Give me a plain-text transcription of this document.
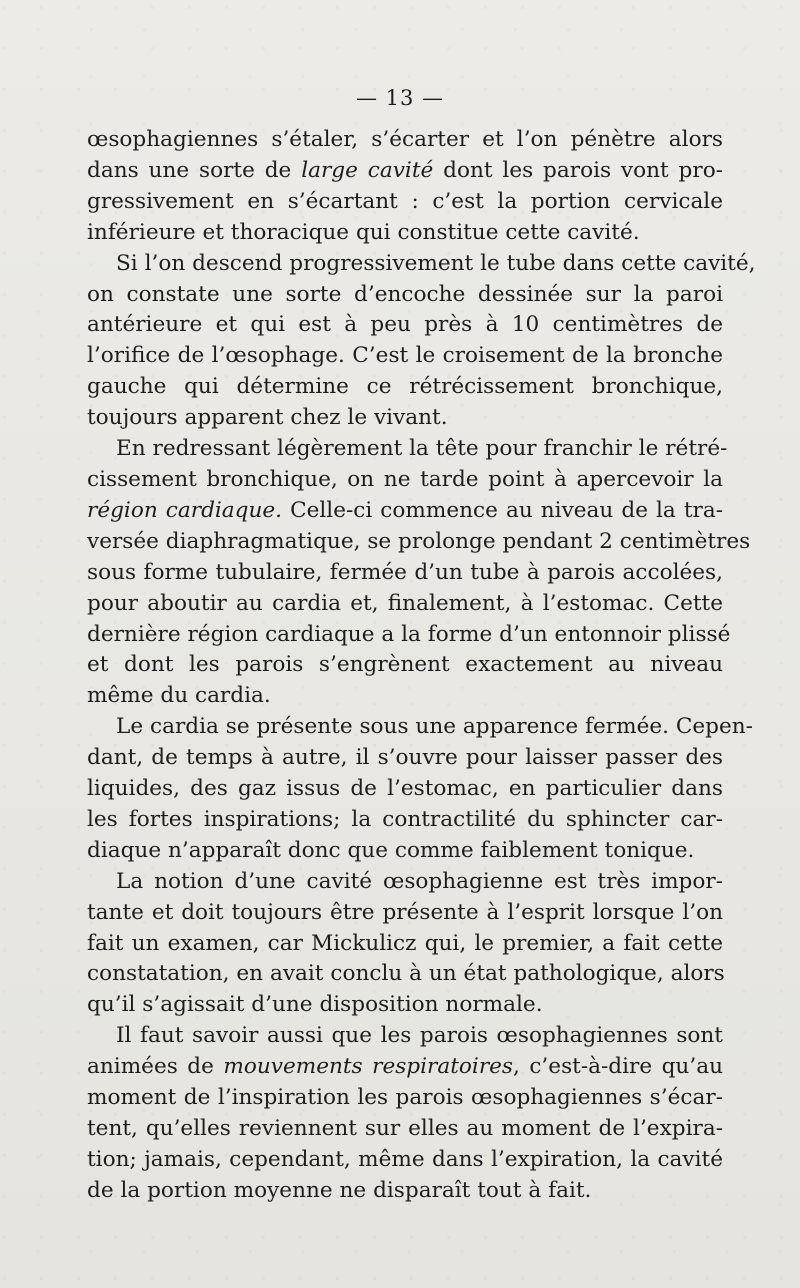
— 13 —

œsophagiennes s’étaler, s’écarter et l’on pénètre alors

dans une sorte de large cavité dont les parois vont pro-

gressivement en s’écartant : c’est la portion cervicale

inférieure et thoracique qui constitue cette cavité.

Si l’on descend progressivement le tube dans cette cavité,

on constate une sorte d’encoche dessinée sur la paroi

antérieure et qui est à peu près à 10 centimètres de

l’orifice de l’œsophage. C’est le croisement de la bronche

gauche qui détermine ce rétrécissement bronchique,

toujours apparent chez le vivant.

En redressant légèrement la tête pour franchir le rétré-

cissement bronchique, on ne tarde point à apercevoir la

région cardiaque. Celle-ci commence au niveau de la tra-

versée diaphragmatique, se prolonge pendant 2 centimètres

sous forme tubulaire, fermée d’un tube à parois accolées,

pour aboutir au cardia et, finalement, à l’estomac. Cette

dernière région cardiaque a la forme d’un entonnoir plissé

et dont les parois s’engrènent exactement au niveau

même du cardia.

Le cardia se présente sous une apparence fermée. Cepen-

dant, de temps à autre, il s’ouvre pour laisser passer des

liquides, des gaz issus de l’estomac, en particulier dans

les fortes inspirations; la contractilité du sphincter car-

diaque n’apparaît donc que comme faiblement tonique.

La notion d’une cavité œsophagienne est très impor-

tante et doit toujours être présente à l’esprit lorsque l’on

fait un examen, car Mickulicz qui, le premier, a fait cette

constatation, en avait conclu à un état pathologique, alors

qu’il s’agissait d’une disposition normale.

Il faut savoir aussi que les parois œsophagiennes sont

animées de mouvements respiratoires, c’est-à-dire qu’au

moment de l’inspiration les parois œsophagiennes s’écar-

tent, qu’elles reviennent sur elles au moment de l’expira-

tion; jamais, cependant, même dans l’expiration, la cavité

de la portion moyenne ne disparaît tout à fait.
